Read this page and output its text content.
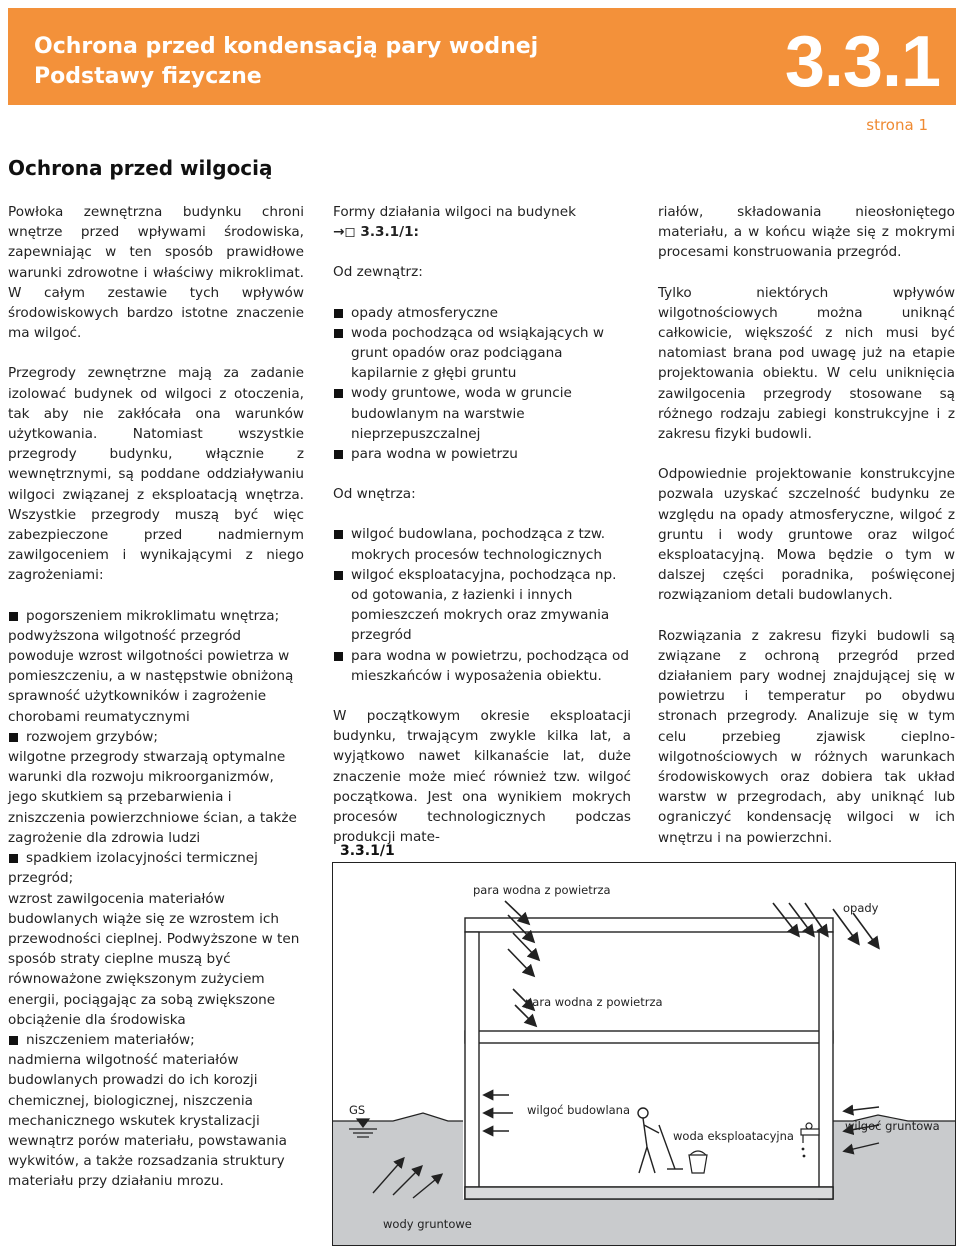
Ochrona przed kondensacją pary wodnej
Podstawy fizyczne	3.3.1
strona 1
Ochrona przed wilgocią

Powłoka zewnętrzna budynku chroni wnętrze przed wpływami środowiska, zapewniając w ten sposób prawidłowe warunki zdrowotne i właściwy mikroklimat. W całym zestawie tych wpływów środowiskowych bardzo istotne znaczenie ma wilgoć.

Przegrody zewnętrzne mają za zadanie izolować budynek od wilgoci z otoczenia, tak aby nie zakłócała ona warunków użytkowania. Natomiast wszystkie przegrody budynku, włącznie z wewnętrznymi, są poddane oddziaływaniu wilgoci związanej z eksploatacją wnętrza. Wszystkie przegrody muszą być więc zabezpieczone przed nadmiernym zawilgoceniem i wynikającymi z niego zagrożeniami:

pogorszeniem mikroklimatu wnętrza;
podwyższona wilgotność przegród powoduje wzrost wilgotności powietrza w pomieszczeniu, a w następstwie obniżoną sprawność użytkowników i zagrożenie chorobami reumatycznymi
rozwojem grzybów;
wilgotne przegrody stwarzają optymalne warunki dla rozwoju mikroorganizmów, jego skutkiem są przebarwienia i zniszczenia powierzchniowe ścian, a także zagrożenie dla zdrowia ludzi
spadkiem izolacyjności termicznej przegród;
wzrost zawilgocenia materiałów budowlanych wiąże się ze wzrostem ich przewodności cieplnej. Podwyższone w ten sposób straty cieplne muszą być równoważone zwiększonym zużyciem energii, pociągając za sobą zwiększone obciążenie dla środowiska
niszczeniem materiałów;
nadmierna wilgotność materiałów budowlanych prowadzi do ich korozji chemicznej, biologicznej, niszczenia mechanicznego wskutek krystalizacji wewnątrz porów materiału, powstawania wykwitów, a także rozsadzania struktury materiału przy działaniu mrozu.

Formy działania wilgoci na budynek
→◻ 3.3.1/1:

Od zewnątrz:

opady atmosferyczne
woda pochodząca od wsiąkających w grunt opadów oraz podciągana kapilarnie z głębi gruntu
wody gruntowe, woda w gruncie budowlanym na warstwie nieprzepuszczalnej
para wodna w powietrzu

Od wnętrza:

wilgoć budowlana, pochodząca z tzw. mokrych procesów technologicznych
wilgoć eksploatacyjna, pochodząca np. od gotowania, z łazienki i innych pomieszczeń mokrych oraz zmywania przegród
para wodna w powietrzu, pochodząca od mieszkańców i wyposażenia obiektu.

W początkowym okresie eksploatacji budynku, trwającym zwykle kilka lat, a wyjątkowo nawet kilkanaście lat, duże znaczenie może mieć również tzw. wilgoć początkowa. Jest ona wynikiem mokrych procesów technologicznych podczas produkcji mate-

riałów, składowania nieosłoniętego materiału, a w końcu wiąże się z mokrymi procesami konstruowania przegród.

Tylko niektórych wpływów wilgotnościowych można uniknąć całkowicie, większość z nich musi być natomiast brana pod uwagę już na etapie projektowania obiektu. W celu uniknięcia zawilgocenia przegrody stosowane są różnego rodzaju zabiegi konstrukcyjne i z zakresu fizyki budowli.

Odpowiednie projektowanie konstrukcyjne pozwala uzyskać szczelność budynku ze względu na opady atmosferyczne, wilgoć z gruntu i wody gruntowe oraz wilgoć eksploatacyjną. Mowa będzie o tym w dalszej części poradnika, poświęconej rozwiązaniom detali budowlanych.

Rozwiązania z zakresu fizyki budowli są związane z ochroną przegród przed działaniem pary wodnej znajdującej się w powietrzu i temperatur po obydwu stronach przegrody. Analizuje się w tym celu przebieg zjawisk cieplno-wilgotnościowych w różnych warunkach środowiskowych oraz dobiera tak układ warstw w przegrodach, aby uniknąć lub ograniczyć kondensację wilgoci w ich wnętrzu i na powierzchni.

3.3.1/1
para wodna z powietrza
opady
para wodna z powietrza
wilgoć budowlana
woda eksploatacyjna
wilgoć gruntowa
GS
wody gruntowe
